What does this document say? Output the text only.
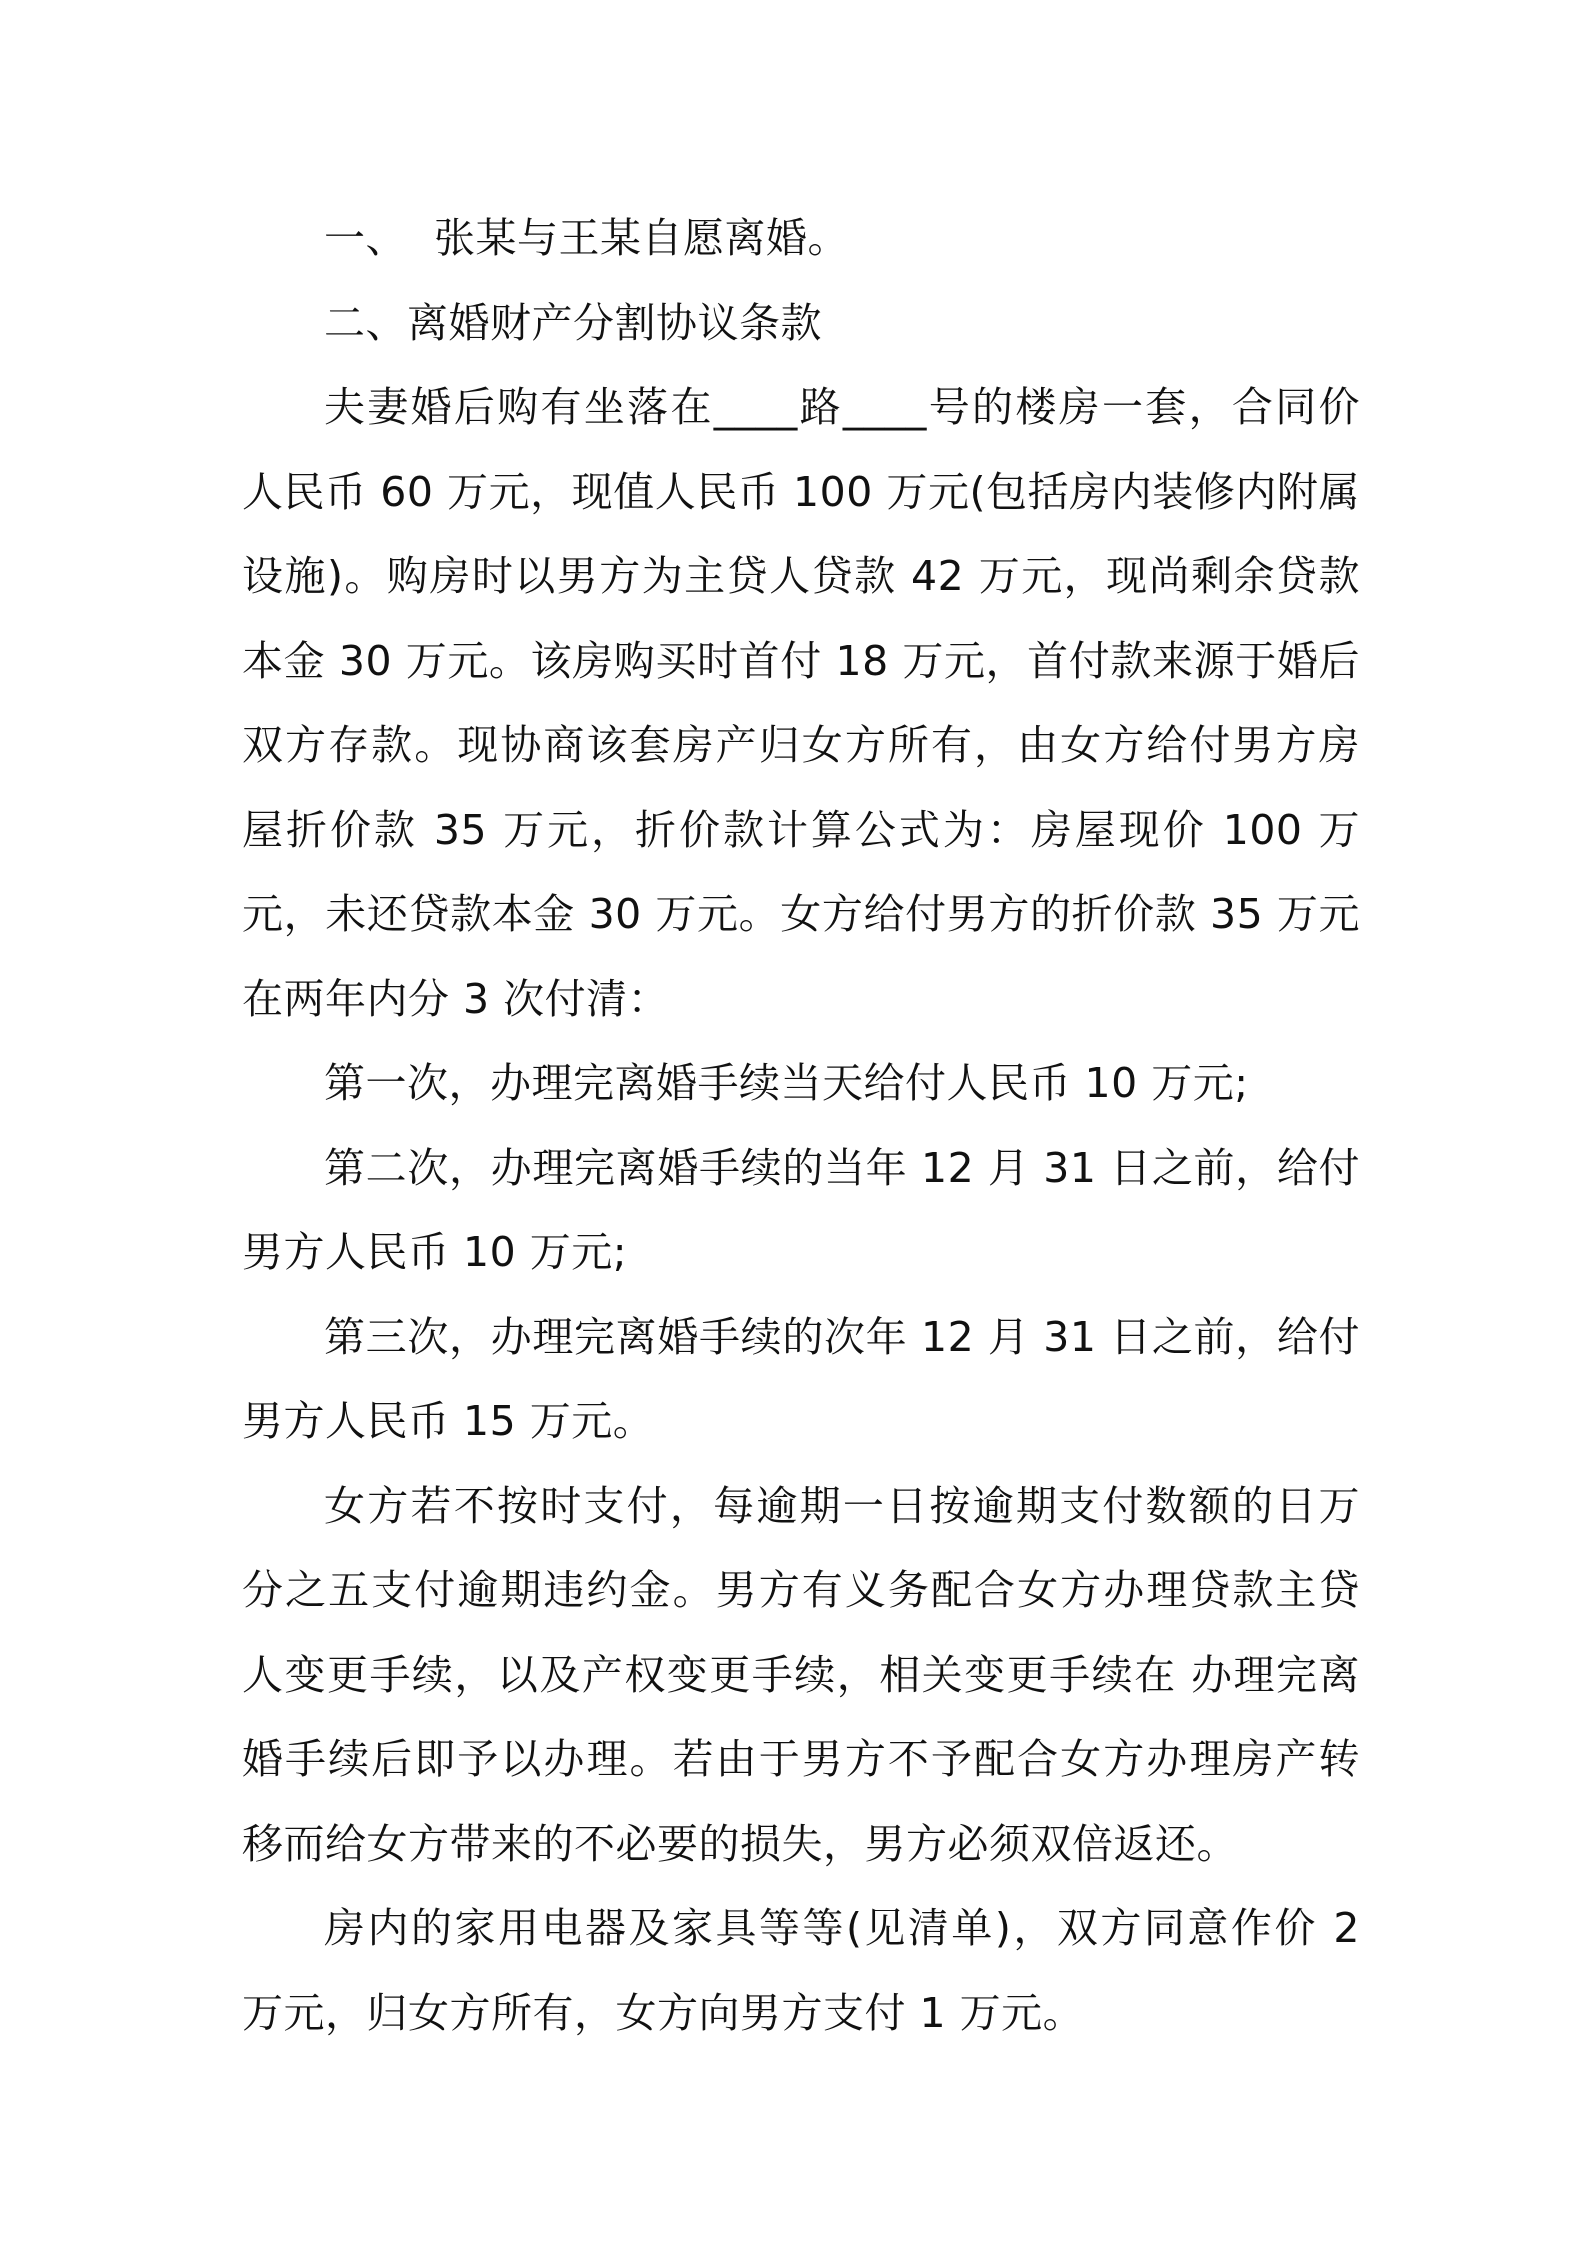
一、 张某与王某自愿离婚。

二、离婚财产分割协议条款

夫妻婚后购有坐落在____路____号的楼房一套，合同价人民币 60 万元，现值人民币 100 万元(包括房内装修内附属设施)。购房时以男方为主贷人贷款 42 万元，现尚剩余贷款本金 30 万元。该房购买时首付 18 万元，首付款来源于婚后双方存款。现协商该套房产归女方所有，由女方给付男方房屋折价款 35 万元，折价款计算公式为：房屋现价 100 万元，未还贷款本金 30 万元。女方给付男方的折价款 35 万元在两年内分 3 次付清：

第一次，办理完离婚手续当天给付人民币 10 万元;

第二次，办理完离婚手续的当年 12 月 31 日之前，给付男方人民币 10 万元;

第三次，办理完离婚手续的次年 12 月 31 日之前，给付男方人民币 15 万元。

女方若不按时支付，每逾期一日按逾期支付数额的日万分之五支付逾期违约金。男方有义务配合女方办理贷款主贷人变更手续，以及产权变更手续，相关变更手续在 办理完离婚手续后即予以办理。若由于男方不予配合女方办理房产转移而给女方带来的不必要的损失，男方必须双倍返还。

房内的家用电器及家具等等(见清单)，双方同意作价 2 万元，归女方所有，女方向男方支付 1 万元。
